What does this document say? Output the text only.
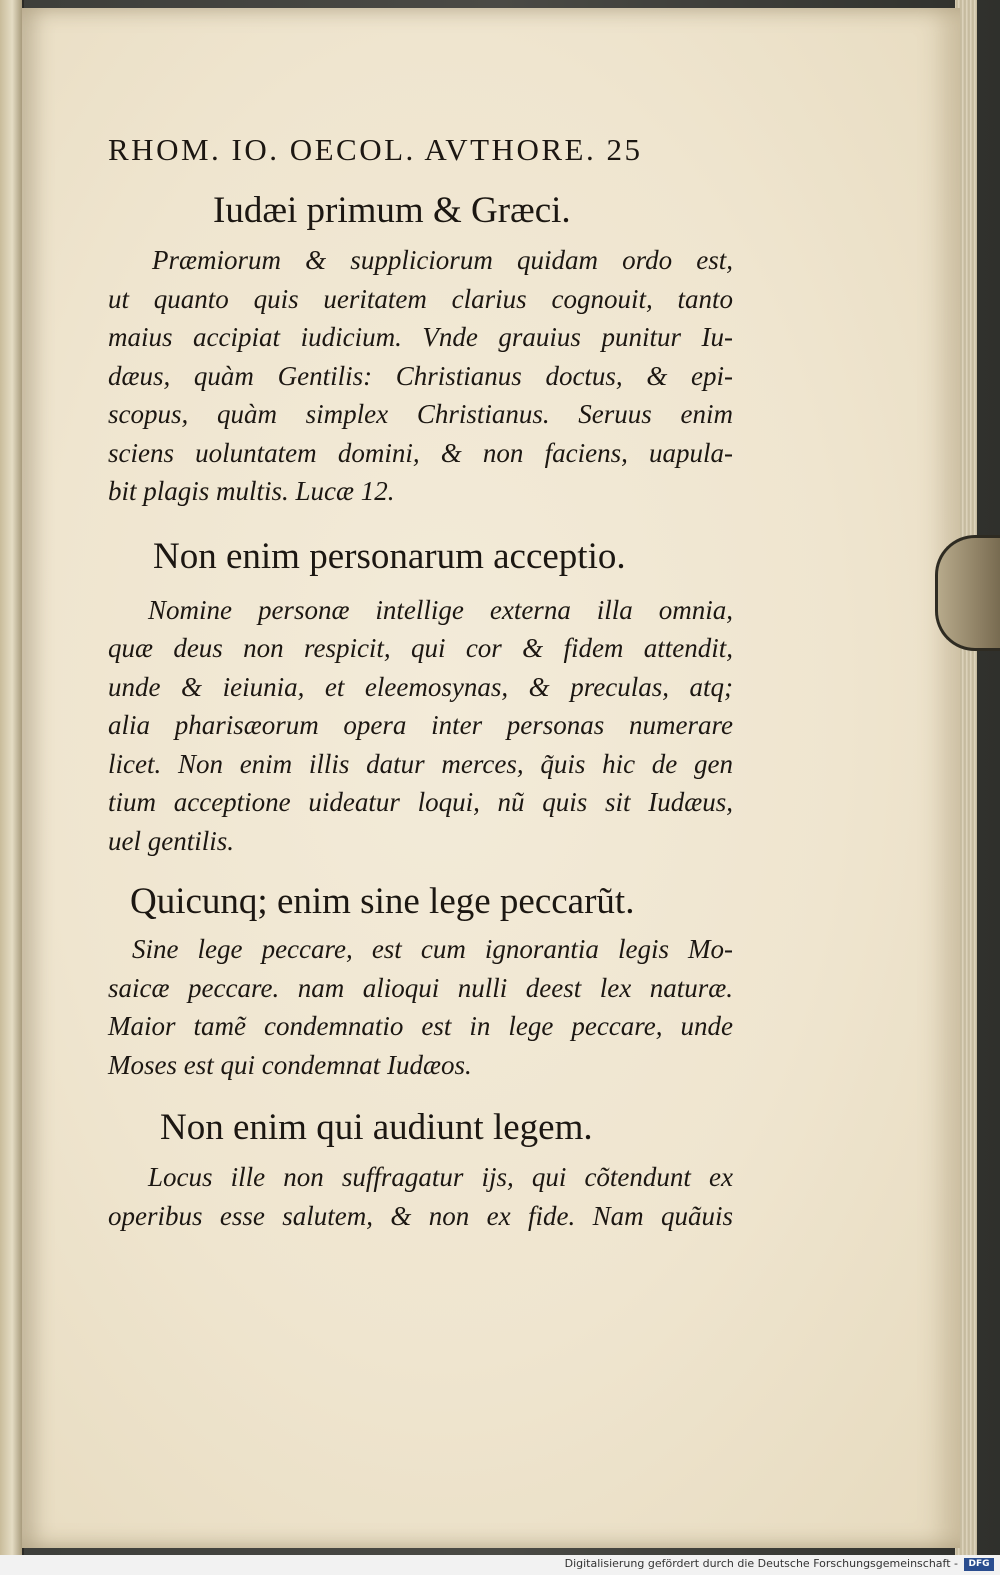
RHOM. IO. OECOL. AVTHORE. 25
Iudæi primum & Græci.
Præmiorum & suppliciorum quidam ordo est,
ut quanto quis ueritatem clarius cognouit, tanto
maius accipiat iudicium. Vnde grauius punitur Iu-
dæus, quàm Gentilis: Christianus doctus, & epi-
scopus, quàm simplex Christianus. Seruus enim
sciens uoluntatem domini, & non faciens, uapula-
bit plagis multis. Lucæ 12.
Non enim personarum acceptio.
Nomine personæ intellige externa illa omnia,
quæ deus non respicit, qui cor & fidem attendit,
unde & ieiunia, et eleemosynas, & preculas, atq;
alia pharisæorum opera inter personas numerare
licet. Non enim illis datur merces, q̃uis hic de gen
tium acceptione uideatur loqui, nũ quis sit Iudæus,
uel gentilis.
Quicunq; enim sine lege peccarũt.
Sine lege peccare, est cum ignorantia legis Mo-
saicæ peccare. nam alioqui nulli deest lex naturæ.
Maior tamẽ condemnatio est in lege peccare, unde
Moses est qui condemnat Iudæos.
Non enim qui audiunt legem.
Locus ille non suffragatur ijs, qui cõtendunt ex
operibus esse salutem, & non ex fide. Nam quãuis
Digitalisierung gefördert durch die Deutsche Forschungsgemeinschaft -	DFG
